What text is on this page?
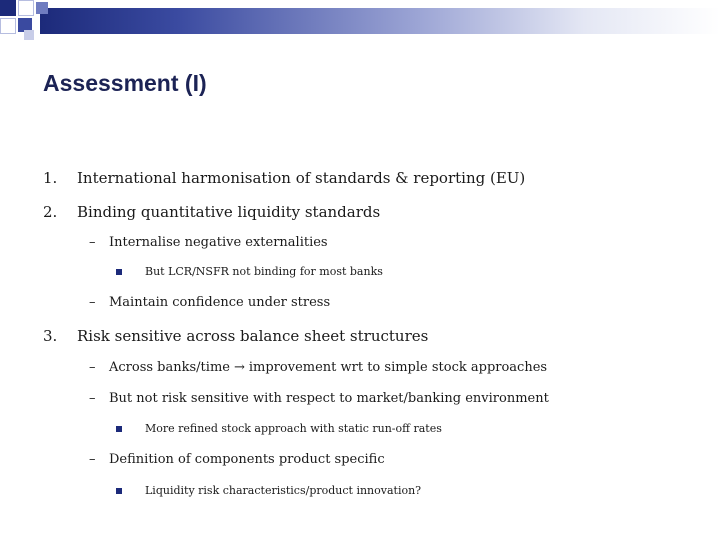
Assessment (I)
1. International harmonisation of standards & reporting (EU)
2. Binding quantitative liquidity standards
– Internalise negative externalities
But LCR/NSFR not binding for most banks
– Maintain confidence under stress
3. Risk sensitive across balance sheet structures
– Across banks/time → improvement wrt to simple stock approaches
– But not risk sensitive with respect to market/banking environment
More refined stock approach with static run-off rates
– Definition of components product specific
Liquidity risk characteristics/product innovation?
